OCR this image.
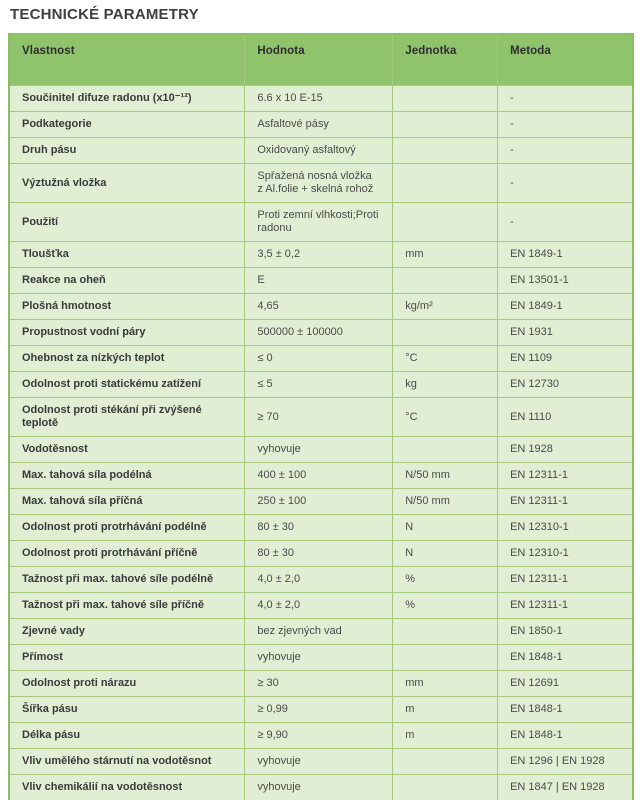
TECHNICKÉ PARAMETRY
Vlastnost	Hodnota	Jednotka	Metoda
Součinitel difuze radonu (x10⁻¹²)	6.6 x 10 E-15		-
Podkategorie	Asfaltové pásy		-
Druh pásu	Oxidovaný asfaltový		-
Výztužná vložka	Spřažená nosná vložka z Al.folie + skelná rohož		-
Použití	Proti zemní vlhkosti;Proti radonu		-
Tloušťka	3,5 ± 0,2	mm	EN 1849-1
Reakce na oheň	E		EN 13501-1
Plošná hmotnost	4,65	kg/m²	EN 1849-1
Propustnost vodní páry	500000 ± 100000		EN 1931
Ohebnost za nízkých teplot	≤ 0	°C	EN 1109
Odolnost proti statickému zatížení	≤ 5	kg	EN 12730
Odolnost proti stékání při zvýšené teplotě	≥ 70	°C	EN 1110
Vodotěsnost	vyhovuje		EN 1928
Max. tahová síla podélná	400 ± 100	N/50 mm	EN 12311-1
Max. tahová síla příčná	250 ± 100	N/50 mm	EN 12311-1
Odolnost proti protrhávání podélně	80 ± 30	N	EN 12310-1
Odolnost proti protrhávání příčně	80 ± 30	N	EN 12310-1
Tažnost při max. tahové síle podélně	4,0 ± 2,0	%	EN 12311-1
Tažnost při max. tahové síle příčně	4,0 ± 2,0	%	EN 12311-1
Zjevné vady	bez zjevných vad		EN 1850-1
Přímost	vyhovuje		EN 1848-1
Odolnost proti nárazu	≥ 30	mm	EN 12691
Šířka pásu	≥ 0,99	m	EN 1848-1
Délka pásu	≥ 9,90	m	EN 1848-1
Vliv umělého stárnutí na vodotěsnot	vyhovuje		EN 1296 | EN 1928
Vliv chemikálií na vodotěsnost	vyhovuje		EN 1847 | EN 1928
